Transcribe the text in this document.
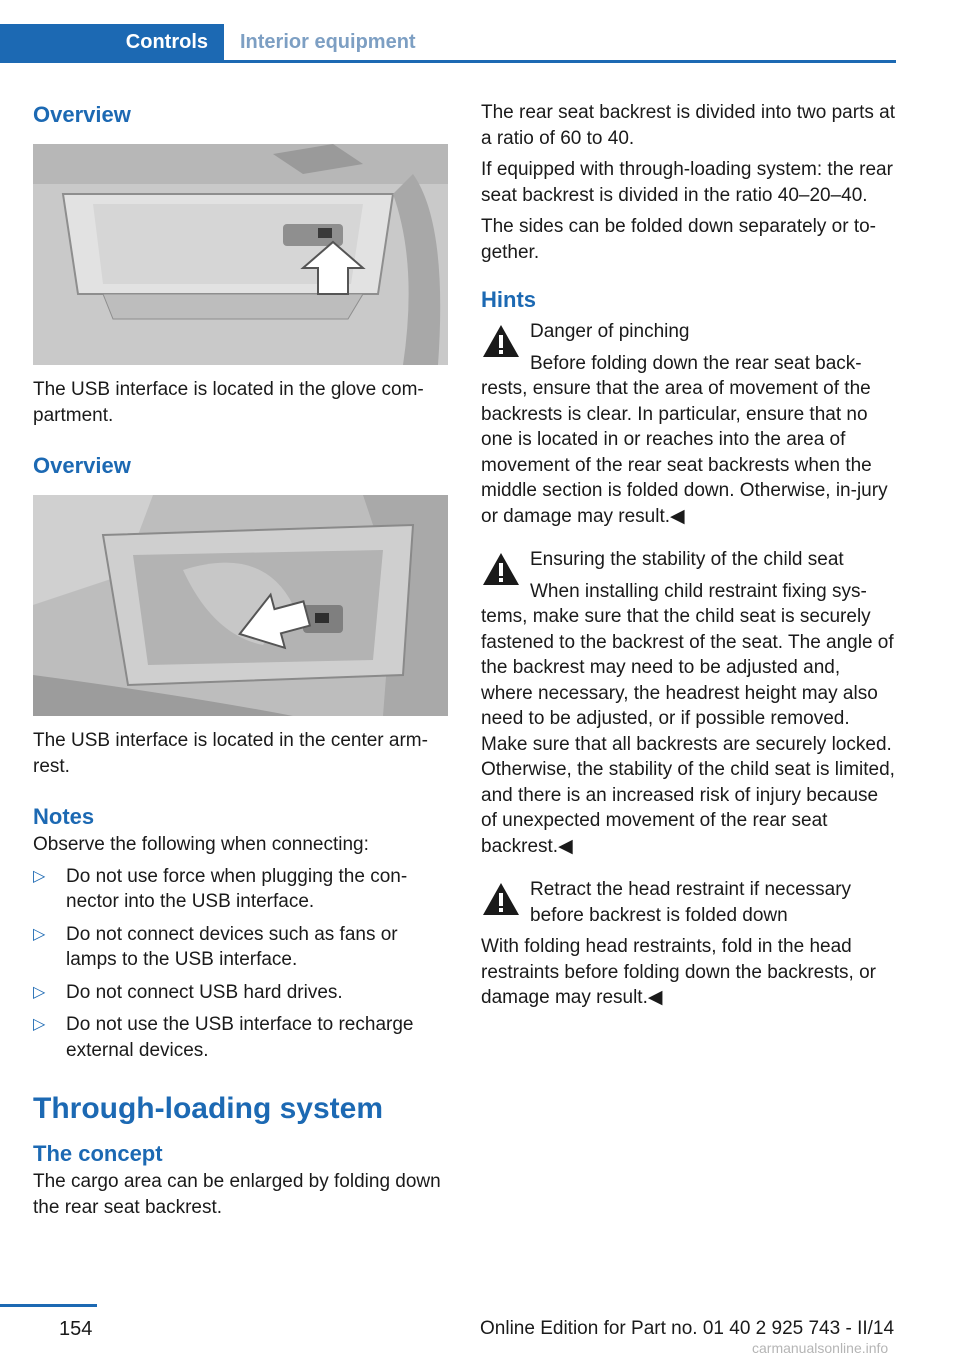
Controls Interior equipment
Overview

The USB interface is located in the glove com‐partment.

Overview

The USB interface is located in the center arm‐rest.

Notes

Observe the following when connecting:

▷ Do not use force when plugging the con‐nector into the USB interface.
▷ Do not connect devices such as fans or lamps to the USB interface.
▷ Do not connect USB hard drives.
▷ Do not use the USB interface to recharge external devices.
Through-loading system
The concept

The cargo area can be enlarged by folding down the rear seat backrest.

The rear seat backrest is divided into two parts at a ratio of 60 to 40.

If equipped with through-loading system: the rear seat backrest is divided in the ratio 40–20–40.

The sides can be folded down separately or to‐gether.

Hints

Danger of pinching

Before folding down the rear seat back‐rests, ensure that the area of movement of the backrests is clear. In particular, ensure that no one is located in or reaches into the area of movement of the rear seat backrests when the middle section is folded down. Otherwise, in‐jury or damage may result.◀

Ensuring the stability of the child seat

When installing child restraint fixing sys‐tems, make sure that the child seat is securely fastened to the backrest of the seat. The angle of the backrest may need to be adjusted and, where necessary, the headrest height may also need to be adjusted, or if possible removed. Make sure that all backrests are securely locked. Otherwise, the stability of the child seat is limited, and there is an increased risk of injury because of unexpected movement of the rear seat backrest.◀

Retract the head restraint if necessary before backrest is folded down

With folding head restraints, fold in the head restraints before folding down the backrests, or damage may result.◀

154	Online Edition for Part no. 01 40 2 925 743 - II/14
carmanualsonline.info
